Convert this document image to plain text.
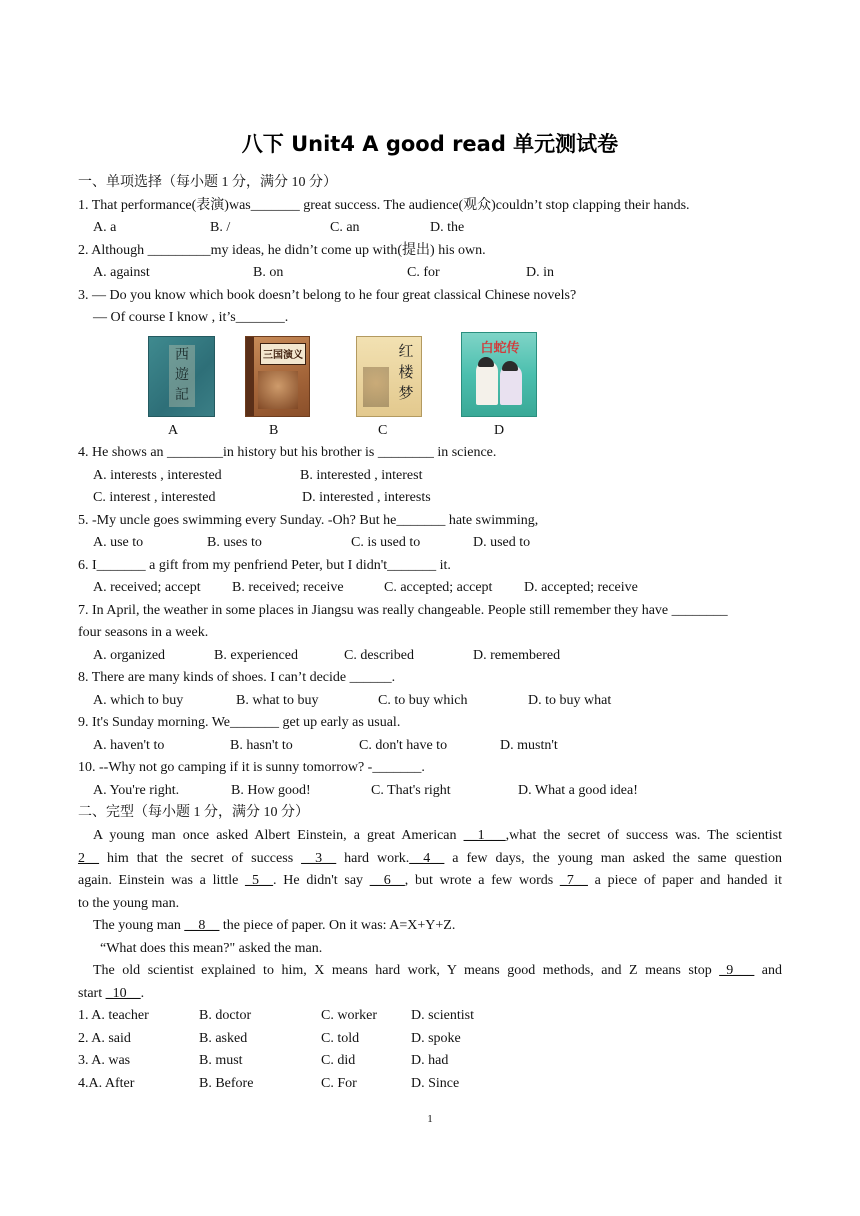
八下 Unit4 A good read 单元测试卷
一、单项选择（每小题 1 分，满分 10 分）
1. That performance(表演)was_______ great success. The audience(观众)couldn’t stop clapping their hands.
A. a	B. /	C. an	D. the
2. Although _________my ideas, he didn’t come up with(提出) his own.
A. against	B. on	C. for	D. in
3. — Do you know which book doesn’t belong to he four great classical Chinese novels?
— Of course I know , it’s_______.
西
遊
記
三国演义	红
楼
梦
白蛇传
A	B	C	D
4. He shows an ________in history but his brother is ________ in science.
A. interests , interested	B. interested , interest
C. interest , interested	D. interested , interests
5. -My uncle goes swimming every Sunday. -Oh? But he_______ hate swimming,
A. use to	B. uses to	C. is used to	D. used to
6. I_______ a gift from my penfriend Peter, but I didn't_______ it.
A. received; accept B. received; receive	C. accepted; accept D. accepted; receive
7. In April, the weather in some places in Jiangsu was really changeable. People still remember they have ________
four seasons in a week.
A. organized	B. experienced	C. described	D. remembered
8. There are many kinds of shoes. I can’t decide ______.
A. which to buy	B. what to buy	C. to buy which	D. to buy what
9. It's Sunday morning. We_______ get up early as usual.
A. haven't to	B. hasn't to	C. don't have to	D. mustn't
10. --Why not go camping if it is sunny tomorrow? -_______.
A. You're right.	B. How good!	C. That's right	D. What a good idea!
二、完型（每小题 1 分，满分 10 分）
A young man once asked Albert Einstein, a great American __1___,what the secret of success was. The scientist
2__ him that the secret of success __3__ hard work.__4__ a few days, the young man asked the same question
again. Einstein was a little _5__. He didn't say __6__, but wrote a few words _7__ a piece of paper and handed it
to the young man.
The young man __8__ the piece of paper. On it was: A=X+Y+Z.
“What does this mean?" asked the man.
The old scientist explained to him, X means hard work, Y means good methods, and Z means stop _9___ and
start _10__.
1. A. teacher	B. doctor	C. worker D. scientist
2. A. said	B. asked	C. told	D. spoke
3. A. was	B. must	C. did	D. had
4.A. After	B. Before	C. For	D. Since
1
